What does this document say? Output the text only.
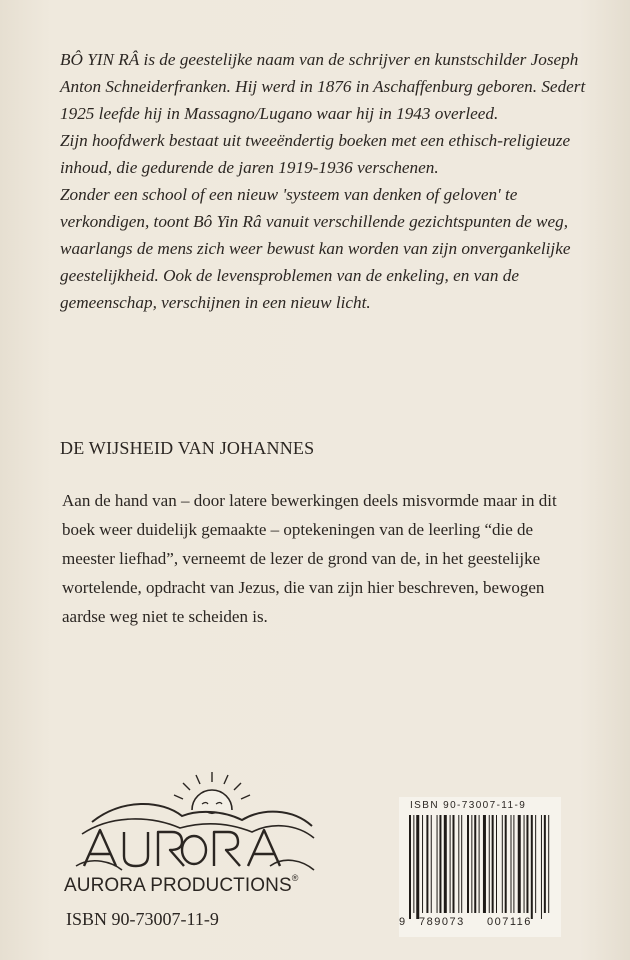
BÔ YIN RÂ is de geestelijke naam van de schrijver en kunstschilder Joseph Anton Schneiderfranken. Hij werd in 1876 in Aschaffenburg geboren. Sedert 1925 leefde hij in Massagno/Lugano waar hij in 1943 overleed.

Zijn hoofdwerk bestaat uit tweeëndertig boeken met een ethisch-religieuze inhoud, die gedurende de jaren 1919-1936 verschenen.

Zonder een school of een nieuw 'systeem van denken of geloven' te verkondigen, toont Bô Yin Râ vanuit verschillende gezichtspunten de weg, waarlangs de mens zich weer bewust kan worden van zijn onvergankelijke geestelijkheid. Ook de levensproblemen van de enkeling, en van de gemeenschap, verschijnen in een nieuw licht.

DE WIJSHEID VAN JOHANNES
Aan de hand van – door latere bewerkingen deels misvormde maar in dit boek weer duidelijk gemaakte – optekeningen van de leerling “die de meester liefhad”, verneemt de lezer de grond van de, in het geestelijke wortelende, opdracht van Jezus, die van zijn hier beschreven, bewogen aardse weg niet te scheiden is.
AURORA PRODUCTIONS®
ISBN 90-73007-11-9
ISBN 90-73007-11-9
9 789073 007116
